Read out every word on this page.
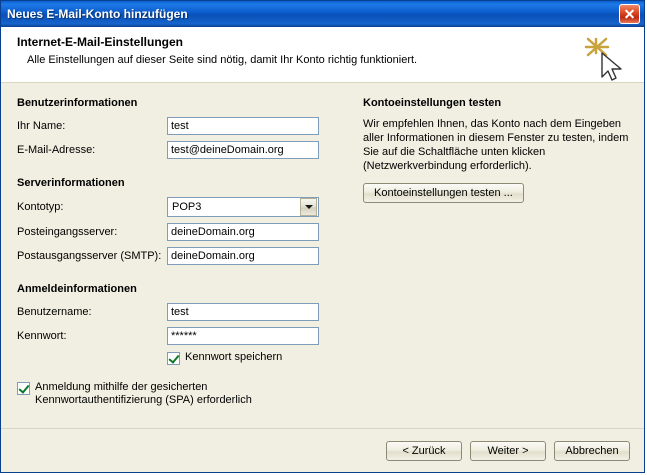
Neues E-Mail-Konto hinzufügen
Internet-E-Mail-Einstellungen

Alle Einstellungen auf dieser Seite sind nötig, damit Ihr Konto richtig funktioniert.

Benutzerinformationen
Ihr Name:
test
E-Mail-Adresse:
test@deineDomain.org
Serverinformationen
Kontotyp:	POP3
Posteingangsserver:
deineDomain.org
Postausgangsserver (SMTP):
deineDomain.org
Anmeldeinformationen
Benutzername:
test
Kennwort:
******
Kennwort speichern
Anmeldung mithilfe der gesicherten Kennwortauthentifizierung (SPA) erforderlich
Kontoeinstellungen testen

Wir empfehlen Ihnen, das Konto nach dem Eingeben aller Informationen in diesem Fenster zu testen, indem Sie auf die Schaltfläche unten klicken (Netzwerkverbindung erforderlich).

Kontoeinstellungen testen ...
< Zurück	Weiter >	Abbrechen
